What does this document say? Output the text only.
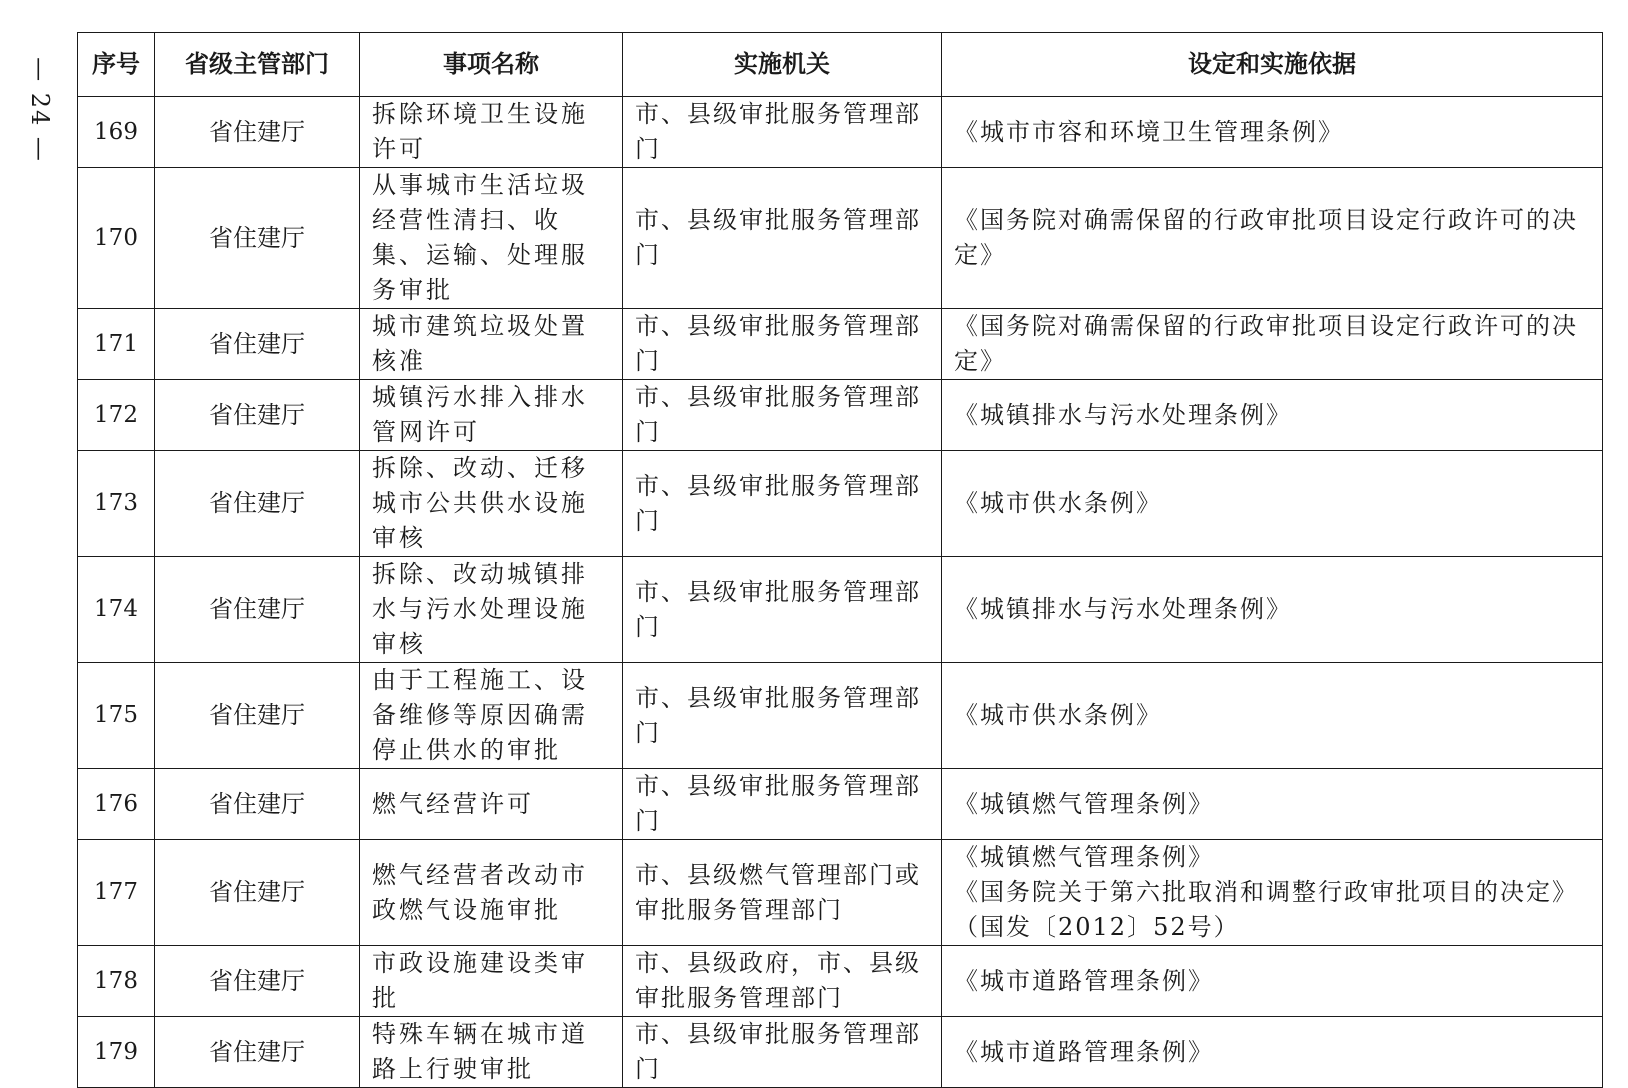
— 24 — 序号	省级主管部门	事项名称	实施机关	设定和实施依据
169	省住建厅	拆除环境卫生设施许可	市、县级审批服务管理部门	《城市市容和环境卫生管理条例》
170	省住建厅	从事城市生活垃圾经营性清扫、收集、运输、处理服务审批	市、县级审批服务管理部门	《国务院对确需保留的行政审批项目设定行政许可的决定》
171	省住建厅	城市建筑垃圾处置核准	市、县级审批服务管理部门	《国务院对确需保留的行政审批项目设定行政许可的决定》
172	省住建厅	城镇污水排入排水管网许可	市、县级审批服务管理部门	《城镇排水与污水处理条例》
173	省住建厅	拆除、改动、迁移城市公共供水设施审核	市、县级审批服务管理部门	《城市供水条例》
174	省住建厅	拆除、改动城镇排水与污水处理设施审核	市、县级审批服务管理部门	《城镇排水与污水处理条例》
175	省住建厅	由于工程施工、设备维修等原因确需停止供水的审批	市、县级审批服务管理部门	《城市供水条例》
176	省住建厅	燃气经营许可	市、县级审批服务管理部门	《城镇燃气管理条例》
177	省住建厅	燃气经营者改动市政燃气设施审批	市、县级燃气管理部门或审批服务管理部门	《城镇燃气管理条例》
《国务院关于第六批取消和调整行政审批项目的决定》（国发〔2012〕52号）

178	省住建厅	市政设施建设类审批	市、县级政府，市、县级审批服务管理部门	《城市道路管理条例》
179	省住建厅	特殊车辆在城市道路上行驶审批	市、县级审批服务管理部门	《城市道路管理条例》
